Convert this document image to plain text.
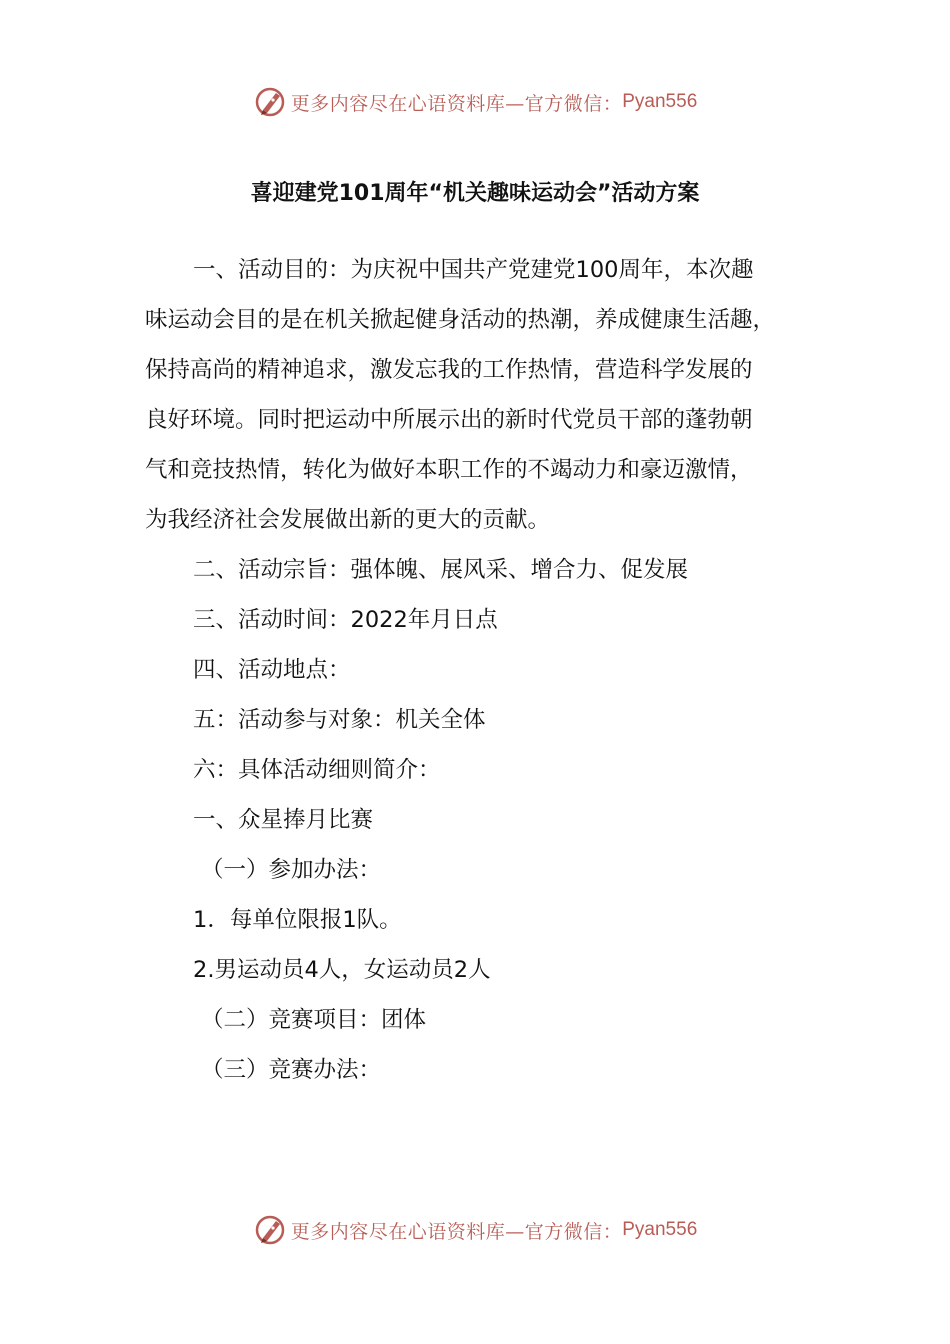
更多内容尽在心语资料库—官方微信： Pyan556
喜迎建党101周年“机关趣味运动会”活动方案
一、活动目的：为庆祝中国共产党建党100周年，本次趣
味运动会目的是在机关掀起健身活动的热潮，养成健康生活趣，
保持高尚的精神追求，激发忘我的工作热情，营造科学发展的
良好环境。同时把运动中所展示出的新时代党员干部的蓬勃朝
气和竞技热情，转化为做好本职工作的不竭动力和豪迈激情，
为我经济社会发展做出新的更大的贡献。
二、活动宗旨：强体魄、展风采、增合力、促发展
三、活动时间：2022年月日点
四、活动地点：
五：活动参与对象：机关全体
六：具体活动细则简介：
一、众星捧月比赛
（一）参加办法：
1．每单位限报1队。
2.男运动员4人，女运动员2人
（二）竞赛项目：团体
（三）竞赛办法：
更多内容尽在心语资料库—官方微信： Pyan556
